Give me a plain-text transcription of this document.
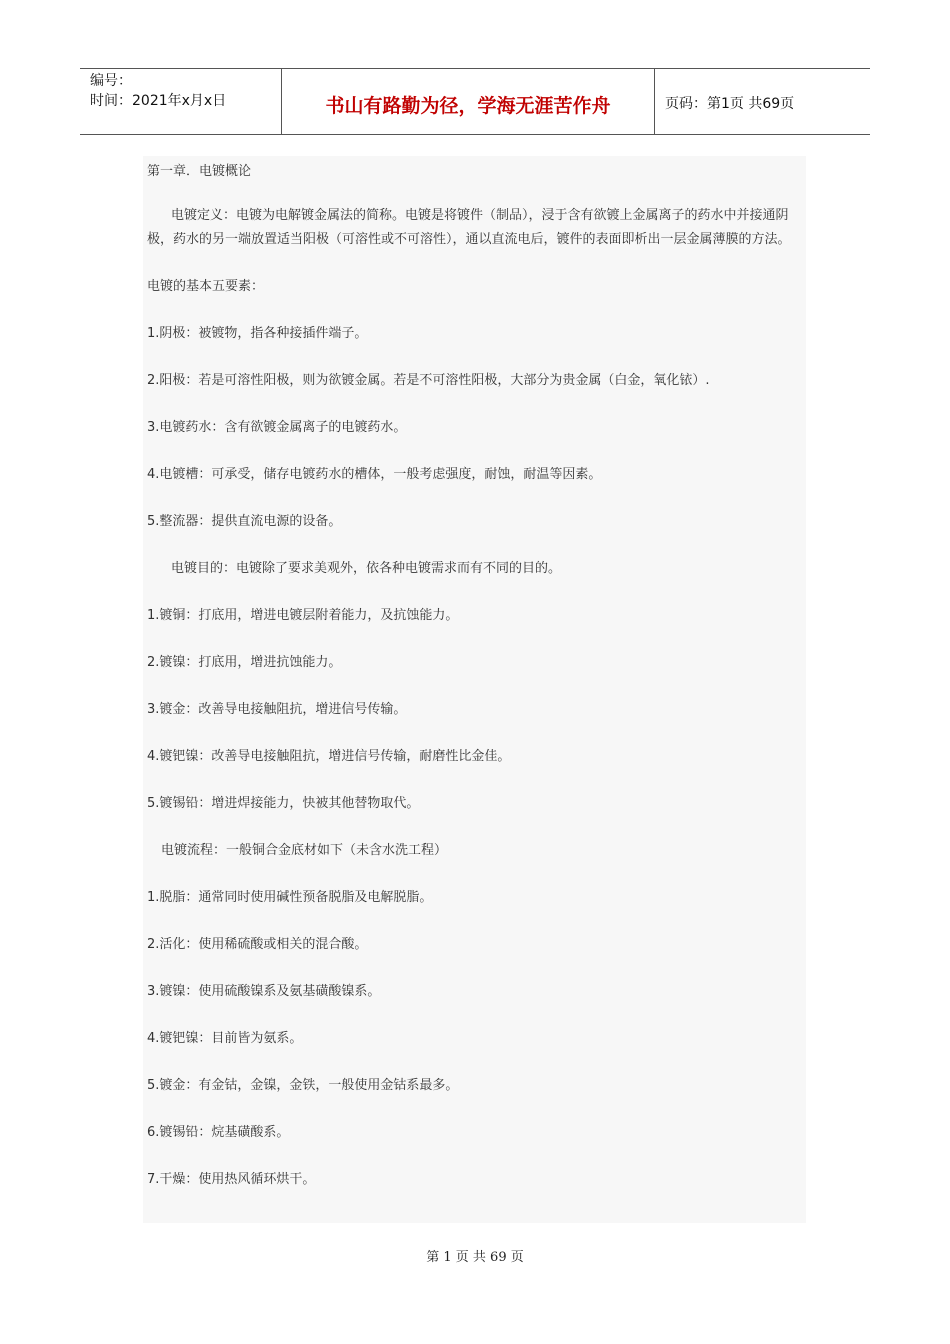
编号：
时间：2021年x月x日	书山有路勤为径，学海无涯苦作舟	页码：第1页 共69页

第一章．电镀概论

电镀定义：电镀为电解镀金属法的简称。电镀是将镀件（制品），浸于含有欲镀上金属离子的药水中并接通阴极，药水的另一端放置适当阳极（可溶性或不可溶性），通以直流电后，镀件的表面即析出一层金属薄膜的方法。

电镀的基本五要素：

1.阴极：被镀物，指各种接插件端子。

2.阳极：若是可溶性阳极，则为欲镀金属。若是不可溶性阳极，大部分为贵金属（白金，氧化铱）.

3.电镀药水：含有欲镀金属离子的电镀药水。

4.电镀槽：可承受，储存电镀药水的槽体，一般考虑强度，耐蚀，耐温等因素。

5.整流器：提供直流电源的设备。

电镀目的：电镀除了要求美观外，依各种电镀需求而有不同的目的。

1.镀铜：打底用，增进电镀层附着能力，及抗蚀能力。

2.镀镍：打底用，增进抗蚀能力。

3.镀金：改善导电接触阻抗，增进信号传输。

4.镀钯镍：改善导电接触阻抗，增进信号传输，耐磨性比金佳。

5.镀锡铅：增进焊接能力，快被其他替物取代。

电镀流程：一般铜合金底材如下（未含水洗工程）

1.脱脂：通常同时使用碱性预备脱脂及电解脱脂。

2.活化：使用稀硫酸或相关的混合酸。

3.镀镍：使用硫酸镍系及氨基磺酸镍系。

4.镀钯镍：目前皆为氨系。

5.镀金：有金钴，金镍，金铁，一般使用金钴系最多。

6.镀锡铅：烷基磺酸系。

7.干燥：使用热风循环烘干。

第 1 页 共 69 页
